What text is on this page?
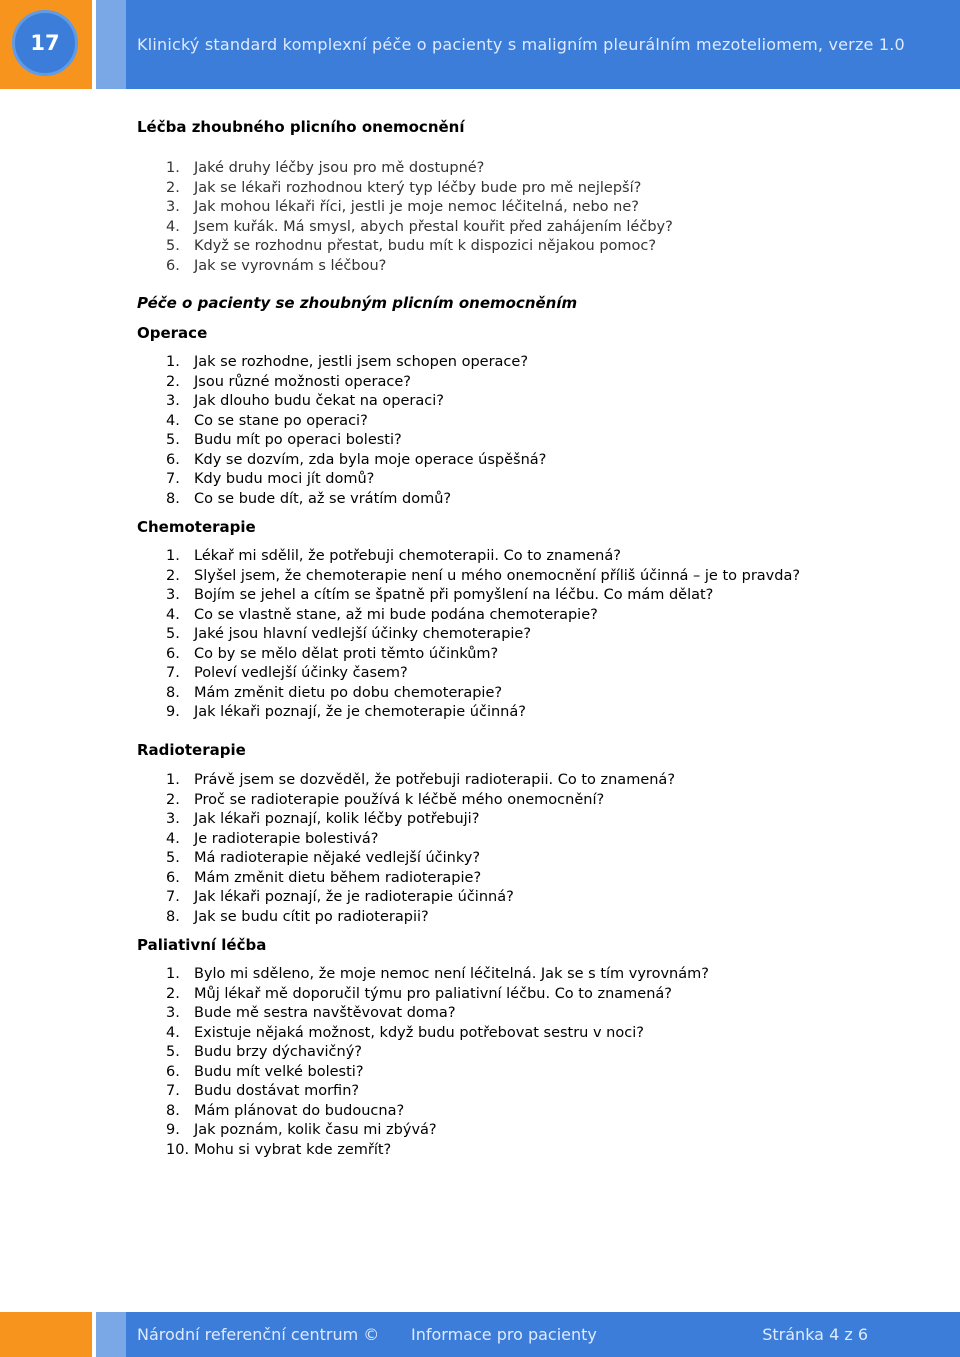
17	Klinický standard komplexní péče o pacienty s maligním pleurálním mezoteliomem, verze 1.0
Léčba zhoubného plicního onemocnění
1. Jaké druhy léčby jsou pro mě dostupné?
2. Jak se lékaři rozhodnou který typ léčby bude pro mě nejlepší?
3. Jak mohou lékaři říci, jestli je moje nemoc léčitelná, nebo ne?
4. Jsem kuřák. Má smysl, abych přestal kouřit před zahájením léčby?
5. Když se rozhodnu přestat, budu mít k dispozici nějakou pomoc?
6. Jak se vyrovnám s léčbou?
Péče o pacienty se zhoubným plicním onemocněním
Operace
1. Jak se rozhodne, jestli jsem schopen operace?
2. Jsou různé možnosti operace?
3. Jak dlouho budu čekat na operaci?
4. Co se stane po operaci?
5. Budu mít po operaci bolesti?
6. Kdy se dozvím, zda byla moje operace úspěšná?
7. Kdy budu moci jít domů?
8. Co se bude dít, až se vrátím domů?
Chemoterapie
1. Lékař mi sdělil, že potřebuji chemoterapii. Co to znamená?
2. Slyšel jsem, že chemoterapie není u mého onemocnění příliš účinná – je to pravda?
3. Bojím se jehel a cítím se špatně při pomyšlení na léčbu. Co mám dělat?
4. Co se vlastně stane, až mi bude podána chemoterapie?
5. Jaké jsou hlavní vedlejší účinky chemoterapie?
6. Co by se mělo dělat proti těmto účinkům?
7. Poleví vedlejší účinky časem?
8. Mám změnit dietu po dobu chemoterapie?
9. Jak lékaři poznají, že je chemoterapie účinná?
Radioterapie
1. Právě jsem se dozvěděl, že potřebuji radioterapii. Co to znamená?
2. Proč se radioterapie používá k léčbě mého onemocnění?
3. Jak lékaři poznají, kolik léčby potřebuji?
4. Je radioterapie bolestivá?
5. Má radioterapie nějaké vedlejší účinky?
6. Mám změnit dietu během radioterapie?
7. Jak lékaři poznají, že je radioterapie účinná?
8. Jak se budu cítit po radioterapii?
Paliativní léčba
1. Bylo mi sděleno, že moje nemoc není léčitelná. Jak se s tím vyrovnám?
2. Můj lékař mě doporučil týmu pro paliativní léčbu. Co to znamená?
3. Bude mě sestra navštěvovat doma?
4. Existuje nějaká možnost, když budu potřebovat sestru v noci?
5. Budu brzy dýchavičný?
6. Budu mít velké bolesti?
7. Budu dostávat morfin?
8. Mám plánovat do budoucna?
9. Jak poznám, kolik času mi zbývá?
10. Mohu si vybrat kde zemřít?
Národní referenční centrum © Informace pro pacienty	Stránka 4 z 6
